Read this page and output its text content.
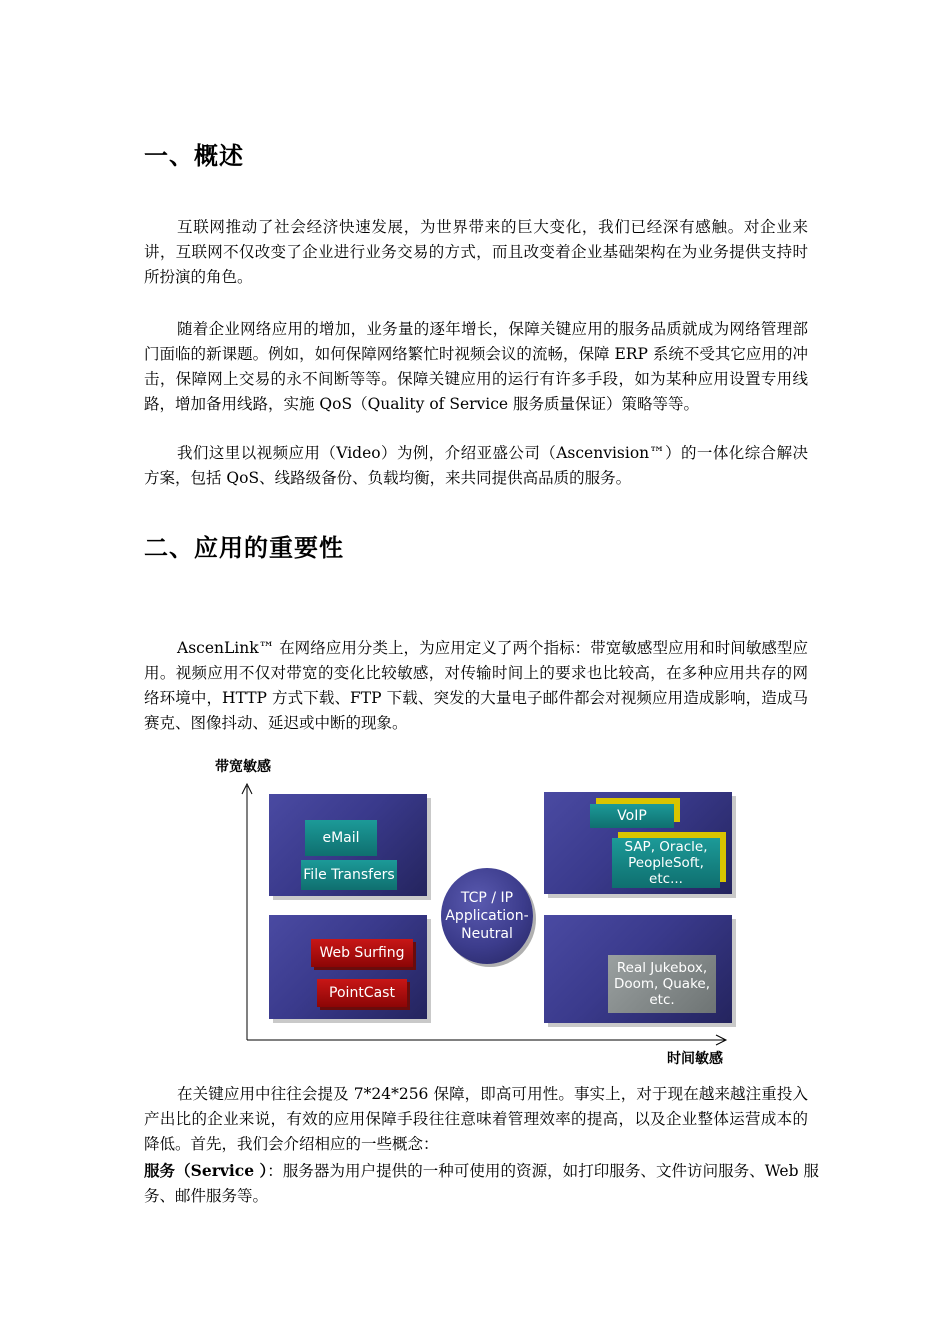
一、概述

互联网推动了社会经济快速发展，为世界带来的巨大变化，我们已经深有感触。对企业来讲，互联网不仅改变了企业进行业务交易的方式，而且改变着企业基础架构在为业务提供支持时所扮演的角色。

随着企业网络应用的增加，业务量的逐年增长，保障关键应用的服务品质就成为网络管理部门面临的新课题。例如，如何保障网络繁忙时视频会议的流畅，保障 ERP 系统不受其它应用的冲击，保障网上交易的永不间断等等。保障关键应用的运行有许多手段，如为某种应用设置专用线路，增加备用线路，实施 QoS（Quality of Service 服务质量保证）策略等等。

我们这里以视频应用（Video）为例，介绍亚盛公司（Ascenvision™）的一体化综合解决方案，包括 QoS、线路级备份、负载均衡，来共同提供高品质的服务。

二、应用的重要性

AscenLink™ 在网络应用分类上，为应用定义了两个指标：带宽敏感型应用和时间敏感型应用。视频应用不仅对带宽的变化比较敏感，对传输时间上的要求也比较高，在多种应用共存的网络环境中，HTTP 方式下载、FTP 下载、突发的大量电子邮件都会对视频应用造成影响，造成马赛克、图像抖动、延迟或中断的现象。

带宽敏感
时间敏感
eMail
File Transfers
Web Surfing
PointCast
VoIP
SAP, Oracle, PeopleSoft, etc...
Real Jukebox, Doom, Quake, etc.
TCP / IP Application-Neutral

在关键应用中往往会提及 7*24*256 保障，即高可用性。事实上，对于现在越来越注重投入产出比的企业来说，有效的应用保障手段往往意味着管理效率的提高，以及企业整体运营成本的降低。首先，我们会介绍相应的一些概念：

服务（Service ）：服务器为用户提供的一种可使用的资源，如打印服务、文件访问服务、Web 服务、邮件服务等。
